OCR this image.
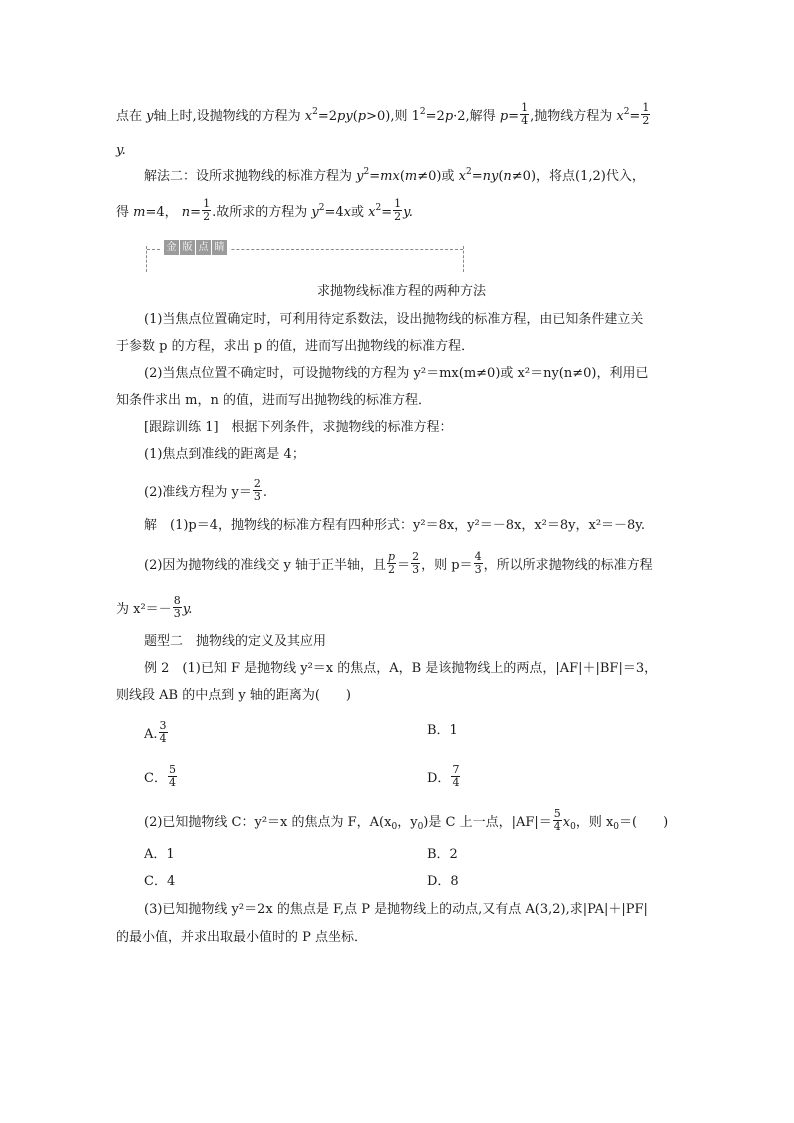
点在 y轴上时,设抛物线的方程为 $x^2=2py(p>0)$,则 $1^2=2p\cdot 2$,解得 $p= \frac{1}{4}$ ,抛物线方程为 $x^2= \frac{1}{2}$
y.
解法二：设所求抛物线的标准方程为 $y^2=mx(m\ne 0)$或 $x^2=ny(n\ne 0)$，将点(1,2)代入，
得 m=4， $n= \frac{1}{2}$ .故所求的方程为 $y^2=4x$或 $x^2= \frac{1}{2} y$.
金 版 点 睛
求抛物线标准方程的两种方法
(1)当焦点位置确定时，可利用待定系数法，设出抛物线的标准方程，由已知条件建立关
于参数 p 的方程，求出 p 的值，进而写出抛物线的标准方程．
(2)当焦点位置不确定时，可设抛物线的方程为 y²＝mx(m≠0)或 x²＝ny(n≠0)，利用已
知条件求出 m，n 的值，进而写出抛物线的标准方程．
[跟踪训练 1]　根据下列条件，求抛物线的标准方程：
(1)焦点到准线的距离是 4；
(2)准线方程为 $y= \frac{2}{3}$ .
解　(1)p＝4，抛物线的标准方程有四种形式：y²＝8x，y²＝－8x，x²＝8y，x²＝－8y.
(2)因为抛物线的准线交 y 轴于正半轴，且 $\frac{p}{2} = \frac{2}{3}$ ，则 $p= \frac{4}{3}$ ，所以所求抛物线的标准方程
为 $x^2=- \frac{8}{3} y$.
题型二　抛物线的定义及其应用
例 2　(1)已知 F 是抛物线 y²＝x 的焦点，A，B 是该抛物线上的两点，|AF|＋|BF|＝3，
则线段 AB 的中点到 y 轴的距离为(　　)
A. $\frac{3}{4}$	B．1
C． $\frac{5}{4}$	D． $\frac{7}{4}$
(2)已知抛物线 C：y²＝x 的焦点为 F，$A(x_0$，$y_0$)是 C 上一点，$|AF|= \frac{5}{4} x_0$，则 $x_0=$(　　)
A．1	B．2
C．4	D．8
(3)已知抛物线 y²＝2x 的焦点是 F,点 P 是抛物线上的动点,又有点 A(3,2),求|PA|＋|PF|
的最小值，并求出取最小值时的 P 点坐标．
